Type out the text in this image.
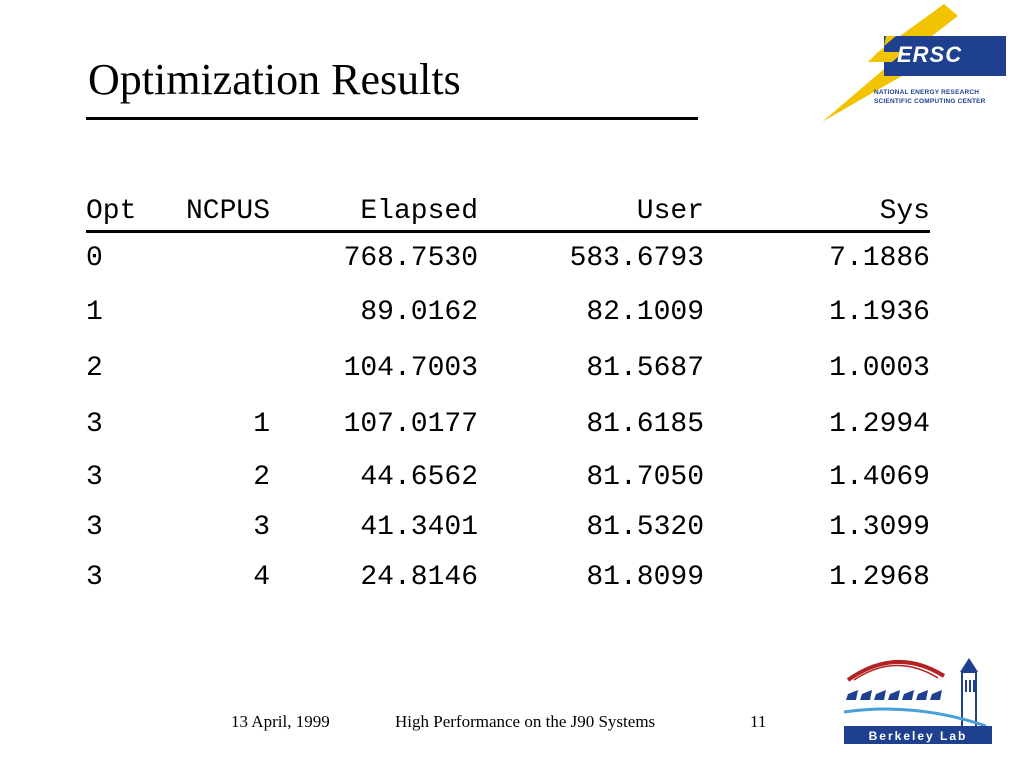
Optimization Results
ERSC
NATIONAL ENERGY RESEARCH
SCIENTIFIC COMPUTING CENTER
Opt	NCPUS	Elapsed	User	Sys
0		768.7530	583.6793	7.1886
1		89.0162	82.1009	1.1936
2		104.7003	81.5687	1.0003
3	1	107.0177	81.6185	1.2994
3	2	44.6562	81.7050	1.4069
3	3	41.3401	81.5320	1.3099
3	4	24.8146	81.8099	1.2968
13 April, 1999	High Performance on the J90 Systems	11
Berkeley Lab
